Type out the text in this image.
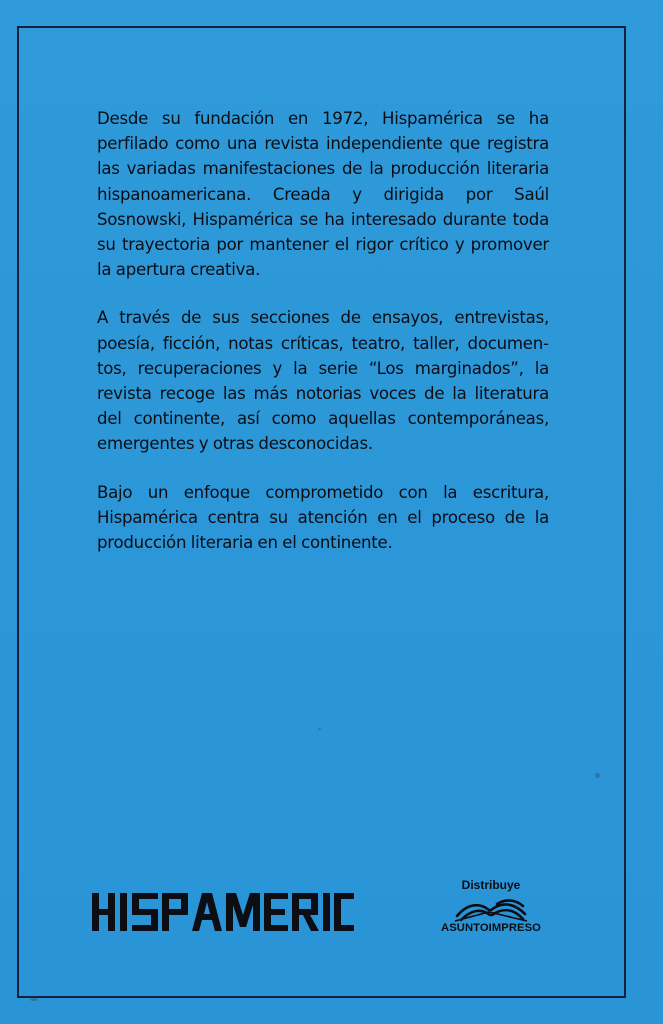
Desde su fundación en 1972, Hispamérica se ha perfilado como una revista independiente que registra las variadas manifestaciones de la producción literaria hispanoamericana. Creada y dirigida por Saúl Sosnowski, Hispamérica se ha interesado durante toda su trayectoria por mantener el rigor crítico y promover la apertura creativa.

A través de sus secciones de ensayos, entrevistas, poesía, ficción, notas críticas, teatro, taller, documentos, recuperaciones y la serie “Los marginados”, la revista recoge las más notorias voces de la literatura del continente, así como aquellas contemporáneas, emergentes y otras desconocidas.

Bajo un enfoque comprometido con la escritura, Hispamérica centra su atención en el proceso de la producción literaria en el continente.

Distribuye
ASUNTOIMPRESO
